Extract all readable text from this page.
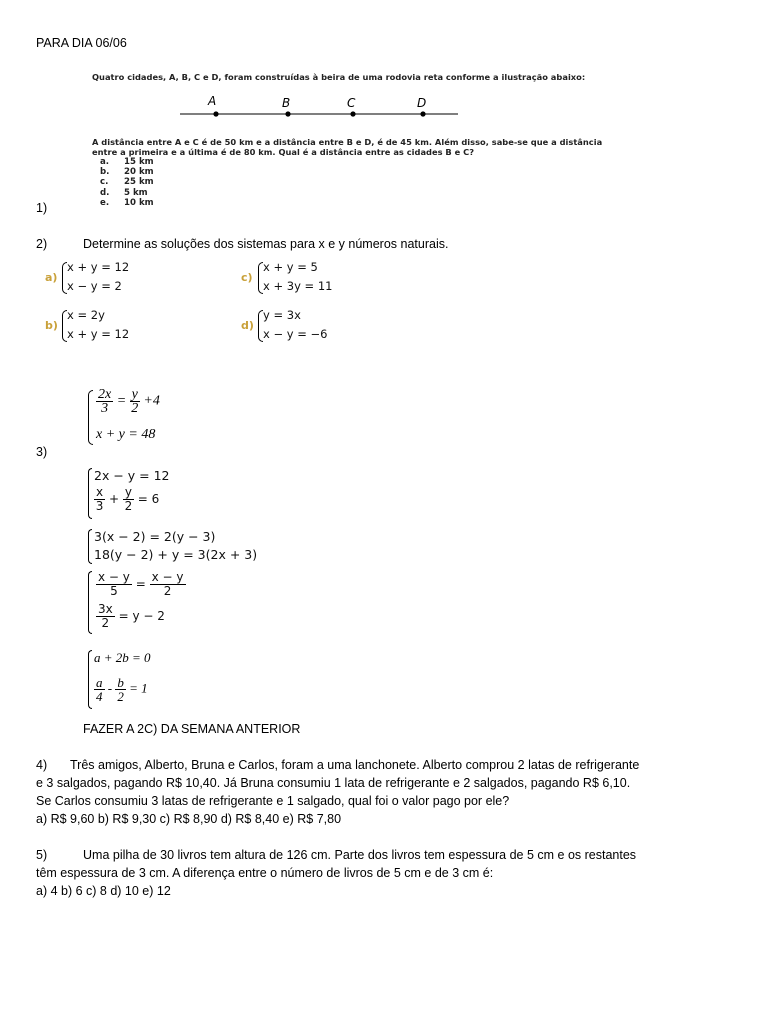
PARA DIA 06/06
Quatro cidades, A, B, C e D, foram construídas à beira de uma rodovia reta conforme a ilustração abaixo:
A	B	C	D
A distância entre A e C é de 50 km e a distância entre B e D, é de 45 km. Além disso, sabe-se que a distância
entre a primeira e a última é de 80 km. Qual é a distância entre as cidades B e C?
a. 15 km
b. 20 km
c. 25 km
d. 5 km
e. 10 km
1)
2)	Determine as soluções dos sistemas para x e y números naturais.
a)
x + y = 12
x − y = 2
c)
x + y = 5
x + 3y = 11
b)
x = 2y
x + y = 12
d)
y = 3x
x − y = −6
3)
$\frac{2x}{3} = \frac{y}{2} +4$
x + y = 48
2x − y = 12
$\frac{x}{3} + \frac{y}{2} = 6$
3(x − 2) = 2(y − 3)
18(y − 2) + y = 3(2x + 3)
$\frac{x - y}{5} = \frac{x - y}{2}$
$\frac{3x}{2} = y - 2$
a + 2b = 0
$\frac{a}{4} - \frac{b}{2} = 1$
FAZER A 2C) DA SEMANA ANTERIOR
4) Três amigos, Alberto, Bruna e Carlos, foram a uma lanchonete. Alberto comprou 2 latas de refrigerante
e 3 salgados, pagando R$ 10,40. Já Bruna consumiu 1 lata de refrigerante e 2 salgados, pagando R$ 6,10.
Se Carlos consumiu 3 latas de refrigerante e 1 salgado, qual foi o valor pago por ele?
a) R$ 9,60 b) R$ 9,30 c) R$ 8,90 d) R$ 8,40 e) R$ 7,80
5)	Uma pilha de 30 livros tem altura de 126 cm. Parte dos livros tem espessura de 5 cm e os restantes
têm espessura de 3 cm. A diferença entre o número de livros de 5 cm e de 3 cm é:
a) 4 b) 6 c) 8 d) 10 e) 12
